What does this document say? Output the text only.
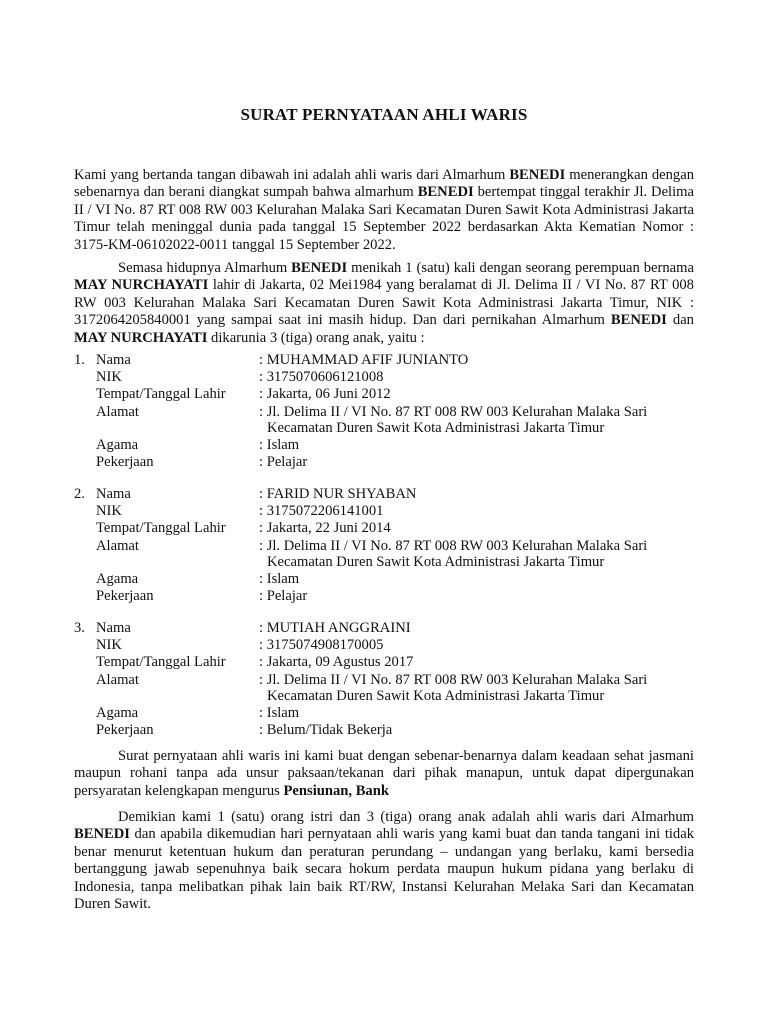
SURAT PERNYATAAN AHLI WARIS

Kami yang bertanda tangan dibawah ini adalah ahli waris dari Almarhum BENEDI menerangkan dengan sebenarnya dan berani diangkat sumpah bahwa almarhum BENEDI bertempat tinggal terakhir Jl. Delima II / VI No. 87 RT 008 RW 003 Kelurahan Malaka Sari Kecamatan Duren Sawit Kota Administrasi Jakarta Timur telah meninggal dunia pada tanggal 15 September 2022 berdasarkan Akta Kematian Nomor : 3175-KM-06102022-0011 tanggal 15 September 2022.

Semasa hidupnya Almarhum BENEDI menikah 1 (satu) kali dengan seorang perempuan bernama MAY NURCHAYATI lahir di Jakarta, 02 Mei1984 yang beralamat di Jl. Delima II / VI No. 87 RT 008 RW 003 Kelurahan Malaka Sari Kecamatan Duren Sawit Kota Administrasi Jakarta Timur, NIK : 3172064205840001 yang sampai saat ini masih hidup. Dan dari pernikahan Almarhum BENEDI dan MAY NURCHAYATI dikarunia 3 (tiga) orang anak, yaitu :

1. Nama	: MUHAMMAD AFIF JUNIANTO
NIK	: 3175070606121008
Tempat/Tanggal Lahir	: Jakarta, 06 Juni 2012
Alamat	: Jl. Delima II / VI No. 87 RT 008 RW 003 Kelurahan Malaka Sari
Kecamatan Duren Sawit Kota Administrasi Jakarta Timur
Agama	: Islam
Pekerjaan	: Pelajar
2. Nama	: FARID NUR SHYABAN
NIK	: 3175072206141001
Tempat/Tanggal Lahir	: Jakarta, 22 Juni 2014
Alamat	: Jl. Delima II / VI No. 87 RT 008 RW 003 Kelurahan Malaka Sari
Kecamatan Duren Sawit Kota Administrasi Jakarta Timur
Agama	: Islam
Pekerjaan	: Pelajar
3. Nama	: MUTIAH ANGGRAINI
NIK	: 3175074908170005
Tempat/Tanggal Lahir	: Jakarta, 09 Agustus 2017
Alamat	: Jl. Delima II / VI No. 87 RT 008 RW 003 Kelurahan Malaka Sari
Kecamatan Duren Sawit Kota Administrasi Jakarta Timur
Agama	: Islam
Pekerjaan	: Belum/Tidak Bekerja

Surat pernyataan ahli waris ini kami buat dengan sebenar-benarnya dalam keadaan sehat jasmani maupun rohani tanpa ada unsur paksaan/tekanan dari pihak manapun, untuk dapat dipergunakan persyaratan kelengkapan mengurus Pensiunan, Bank

Demikian kami 1 (satu) orang istri dan 3 (tiga) orang anak adalah ahli waris dari Almarhum BENEDI dan apabila dikemudian hari pernyataan ahli waris yang kami buat dan tanda tangani ini tidak benar menurut ketentuan hukum dan peraturan perundang – undangan yang berlaku, kami bersedia bertanggung jawab sepenuhnya baik secara hokum perdata maupun hukum pidana yang berlaku di Indonesia, tanpa melibatkan pihak lain baik RT/RW, Instansi Kelurahan Melaka Sari dan Kecamatan Duren Sawit.
